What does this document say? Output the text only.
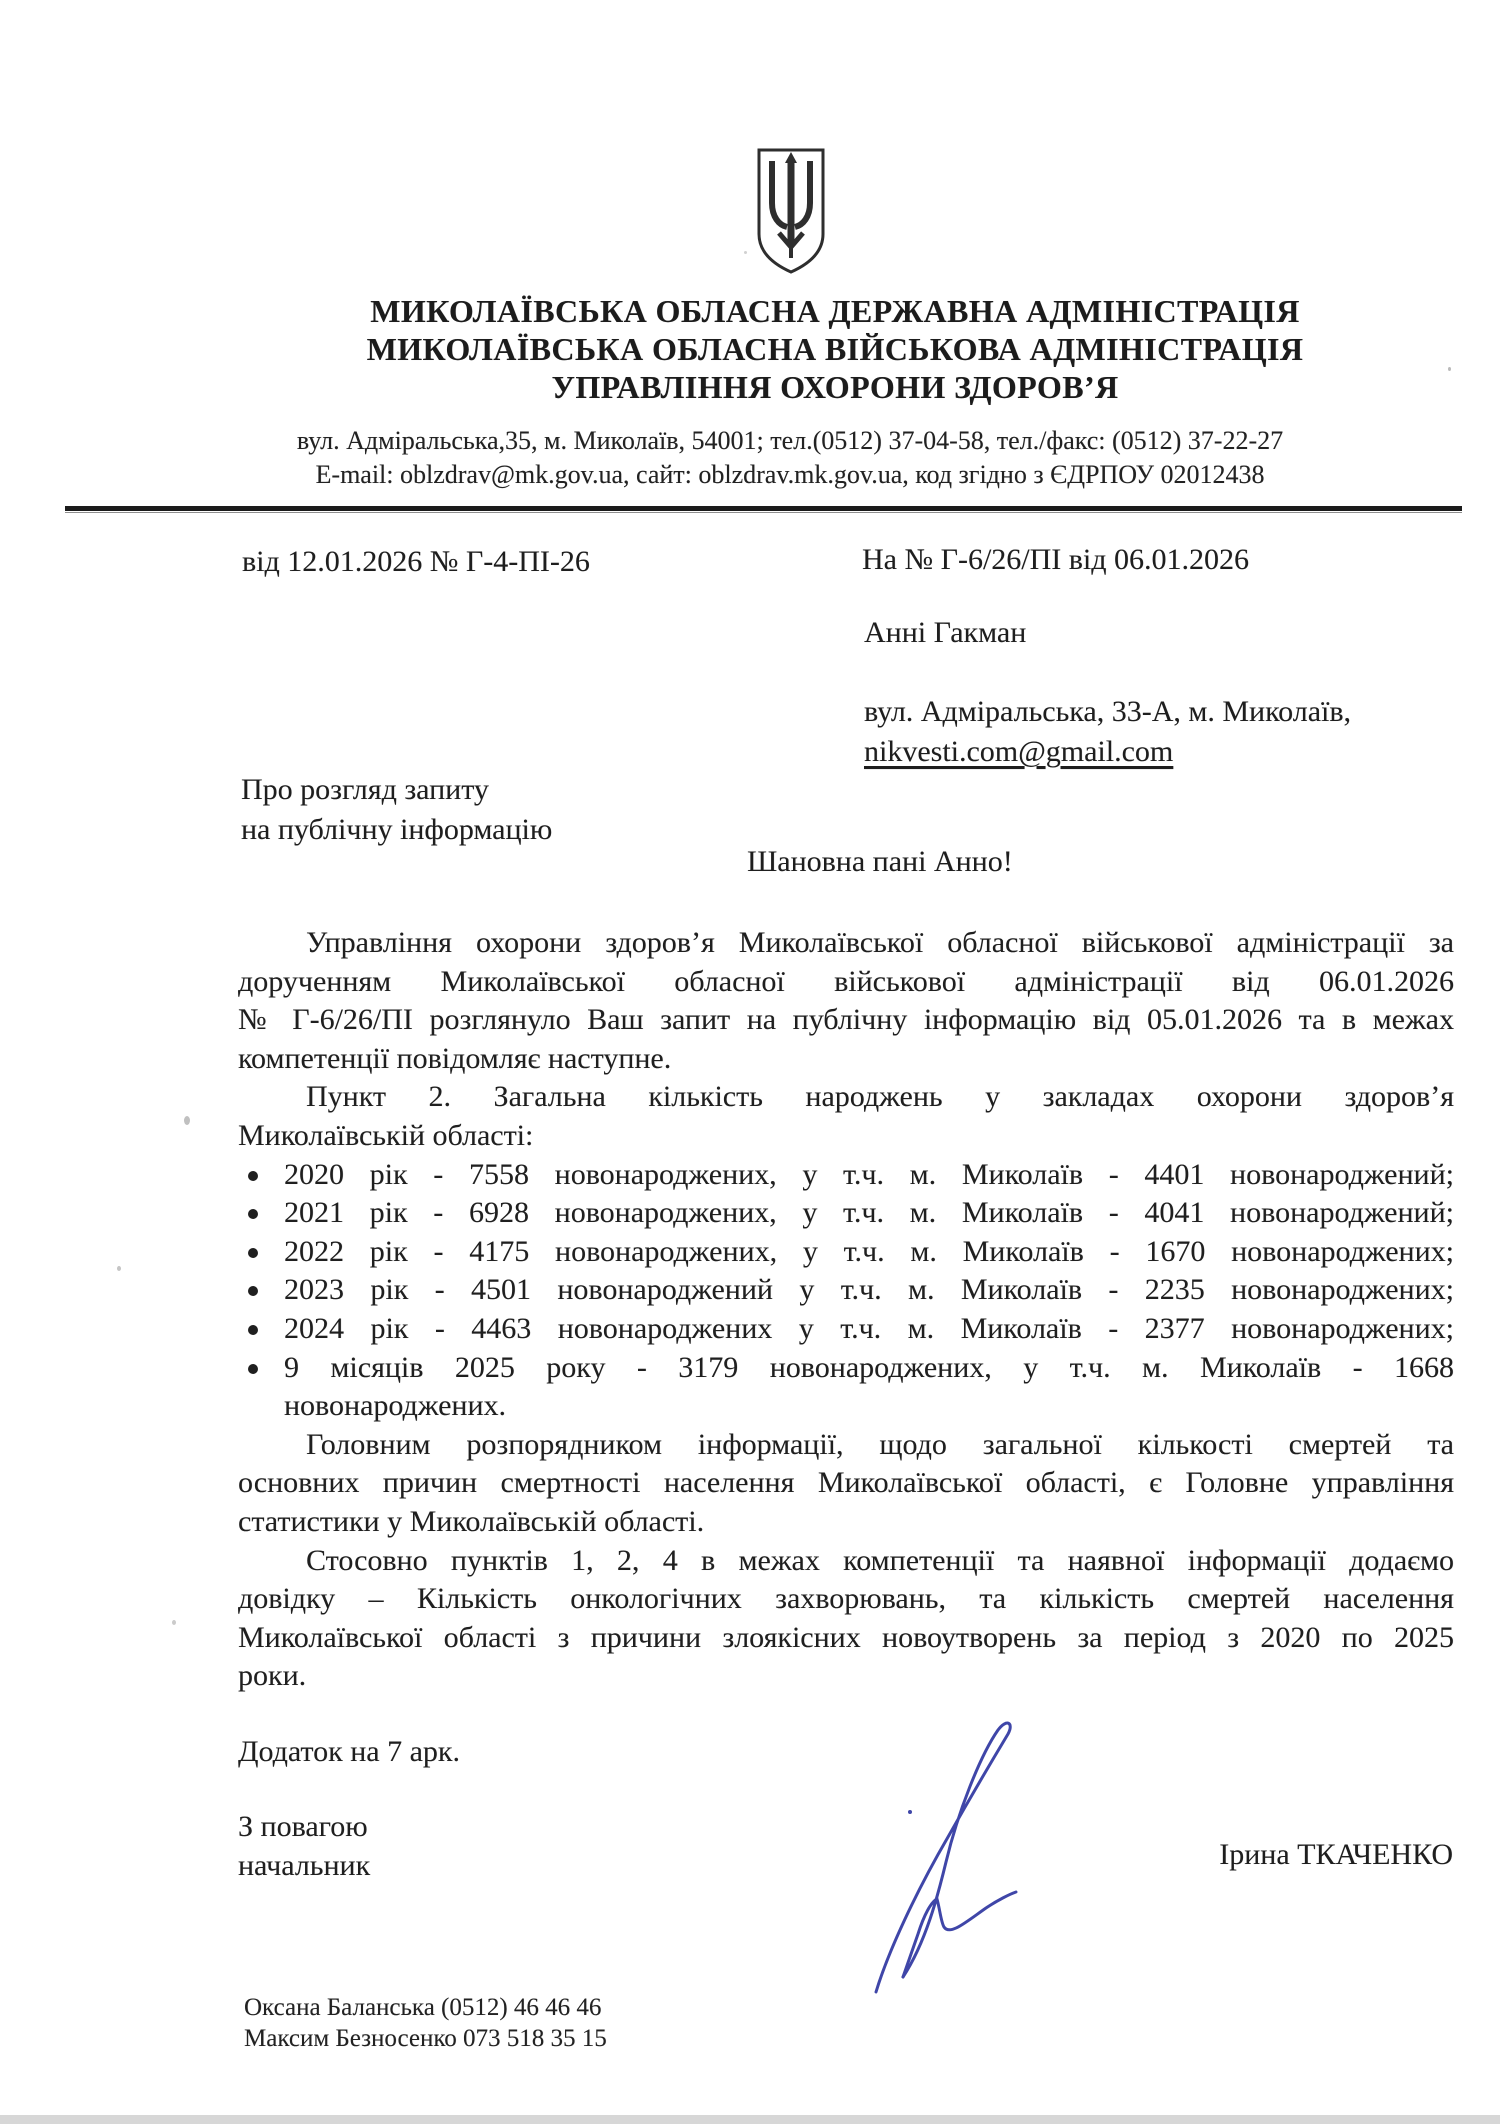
МИКОЛАЇВСЬКА ОБЛАСНА ДЕРЖАВНА АДМІНІСТРАЦІЯ
МИКОЛАЇВСЬКА ОБЛАСНА ВІЙСЬКОВА АДМІНІСТРАЦІЯ
УПРАВЛІННЯ ОХОРОНИ ЗДОРОВ’Я
вул. Адміральська,35, м. Миколаїв, 54001; тел.(0512) 37-04-58, тел./факс: (0512) 37-22-27
E-mail: oblzdrav@mk.gov.ua, сайт: oblzdrav.mk.gov.ua, код згідно з ЄДРПОУ 02012438
від 12.01.2026 № Г-4-ПІ-26	На № Г-6/26/ПІ від 06.01.2026
Анні Гакман
вул. Адміральська, 33-А, м. Миколаїв,
nikvesti.com@gmail.com
Про розгляд запиту
на публічну інформацію
Шановна пані Анно!
Управління охорони здоров’я Миколаївської обласної військової адміністрації за
дорученням Миколаївської обласної військової адміністрації від 06.01.2026
№ Г-6/26/ПІ розглянуло Ваш запит на публічну інформацію від 05.01.2026 та в межах
компетенції повідомляє наступне.
Пункт 2. Загальна кількість народжень у закладах охорони здоров’я
Миколаївській області:
2020 рік - 7558 новонароджених, у т.ч. м. Миколаїв - 4401 новонароджений;
2021 рік - 6928 новонароджених, у т.ч. м. Миколаїв - 4041 новонароджений;
2022 рік - 4175 новонароджених, у т.ч. м. Миколаїв - 1670 новонароджених;
2023 рік - 4501 новонароджений у т.ч. м. Миколаїв - 2235 новонароджених;
2024 рік - 4463 новонароджених у т.ч. м. Миколаїв - 2377 новонароджених;
9 місяців 2025 року - 3179 новонароджених, у т.ч. м. Миколаїв - 1668
новонароджених.
Головним розпорядником інформації, щодо загальної кількості смертей та
основних причин смертності населення Миколаївської області, є Головне управління
статистики у Миколаївській області.
Стосовно пунктів 1, 2, 4 в межах компетенції та наявної інформації додаємо
довідку – Кількість онкологічних захворювань, та кількість смертей населення
Миколаївської області з причини злоякісних новоутворень за період з 2020 по 2025
роки.
Додаток на 7 арк.
З повагою
начальник	Ірина ТКАЧЕНКО
Оксана Баланська (0512) 46 46 46
Максим Безносенко 073 518 35 15
